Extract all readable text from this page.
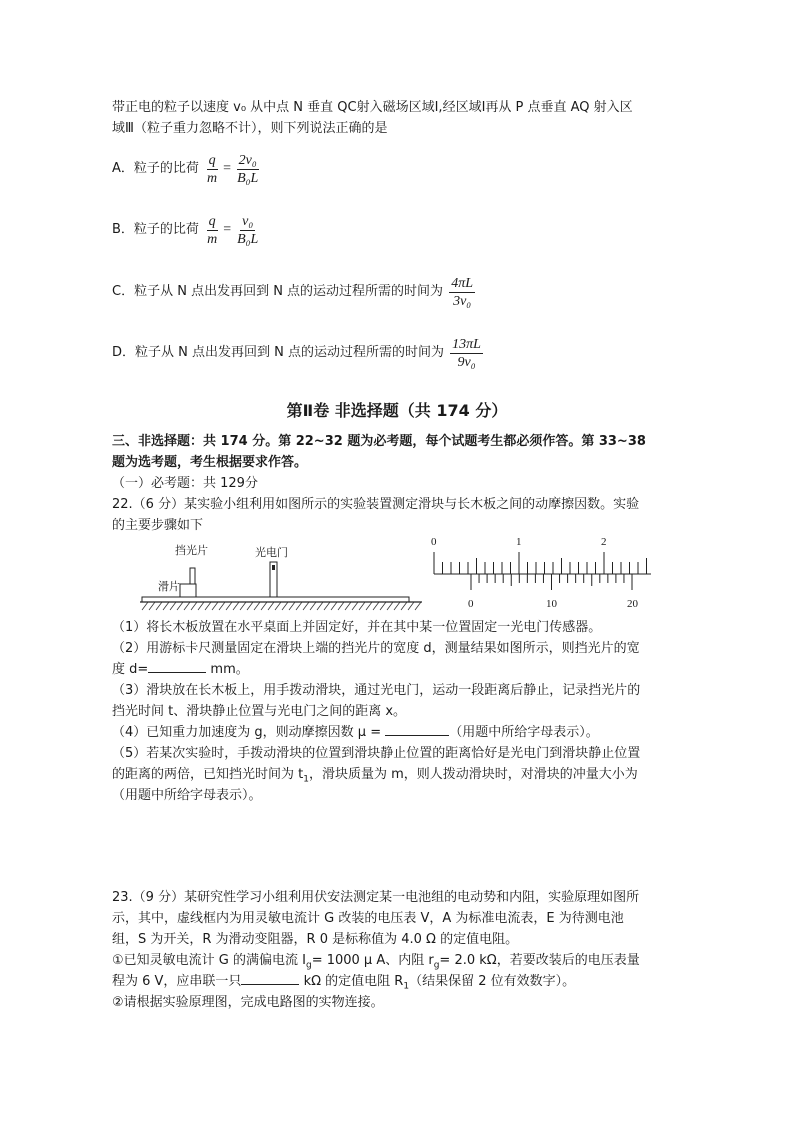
带正电的粒子以速度 v₀ 从中点 N 垂直 QC射入磁场区域Ⅰ,经区域Ⅰ再从 P 点垂直 AQ 射入区
域Ⅲ（粒子重力忽略不计），则下列说法正确的是
A．粒子的比荷 $\frac{q}{m} = \frac{\text{2v₀}}{\text{B₀L}}$
B．粒子的比荷 $\frac{q}{m} = \frac{\text{v₀}}{\text{B₀L}}$
C．粒子从 N 点出发再回到 N 点的运动过程所需的时间为 $\frac{4\pi L}{\text{3v₀}}$
D．粒子从 N 点出发再回到 N 点的运动过程所需的时间为 $\frac{13\pi L}{\text{9v₀}}$
第Ⅱ卷 非选择题（共 174 分）
三、非选择题：共 174 分。第 22~32 题为必考题，每个试题考生都必须作答。第 33~38
题为选考题，考生根据要求作答。
（一）必考题：共 129分
22.（6 分）某实验小组利用如图所示的实验装置测定滑块与长木板之间的动摩擦因数。实验
的主要步骤如下
挡光片	光电门
滑片
0	1	2
0	10	20
（1）将长木板放置在水平桌面上并固定好，并在其中某一位置固定一光电门传感器。
（2）用游标卡尺测量固定在滑块上端的挡光片的宽度 d，测量结果如图所示，则挡光片的宽
度 d=	mm。
（3）滑块放在长木板上，用手拨动滑块，通过光电门，运动一段距离后静止，记录挡光片的
挡光时间 t、滑块静止位置与光电门之间的距离 x。
（4）已知重力加速度为 g，则动摩擦因数 μ =	（用题中所给字母表示）。
（5）若某次实验时，手拨动滑块的位置到滑块静止位置的距离恰好是光电门到滑块静止位置
的距离的两倍，已知挡光时间为 $t_1$，滑块质量为 m，则人拨动滑块时，对滑块的冲量大小为
（用题中所给字母表示）。
23.（9 分）某研究性学习小组利用伏安法测定某一电池组的电动势和内阻，实验原理如图所
示，其中，虚线框内为用灵敏电流计 G 改装的电压表 V，A 为标准电流表，E 为待测电池
组，S 为开关，R 为滑动变阻器，R 0 是标称值为 4.0 Ω 的定值电阻。
①已知灵敏电流计 G 的满偏电流 $I_g= 1000$ μ A、内阻 $r_g= 2.0$ kΩ，若要改装后的电压表量
程为 6 V，应串联一只	kΩ 的定值电阻 $R_1$（结果保留 2 位有效数字）。
②请根据实验原理图，完成电路图的实物连接。
